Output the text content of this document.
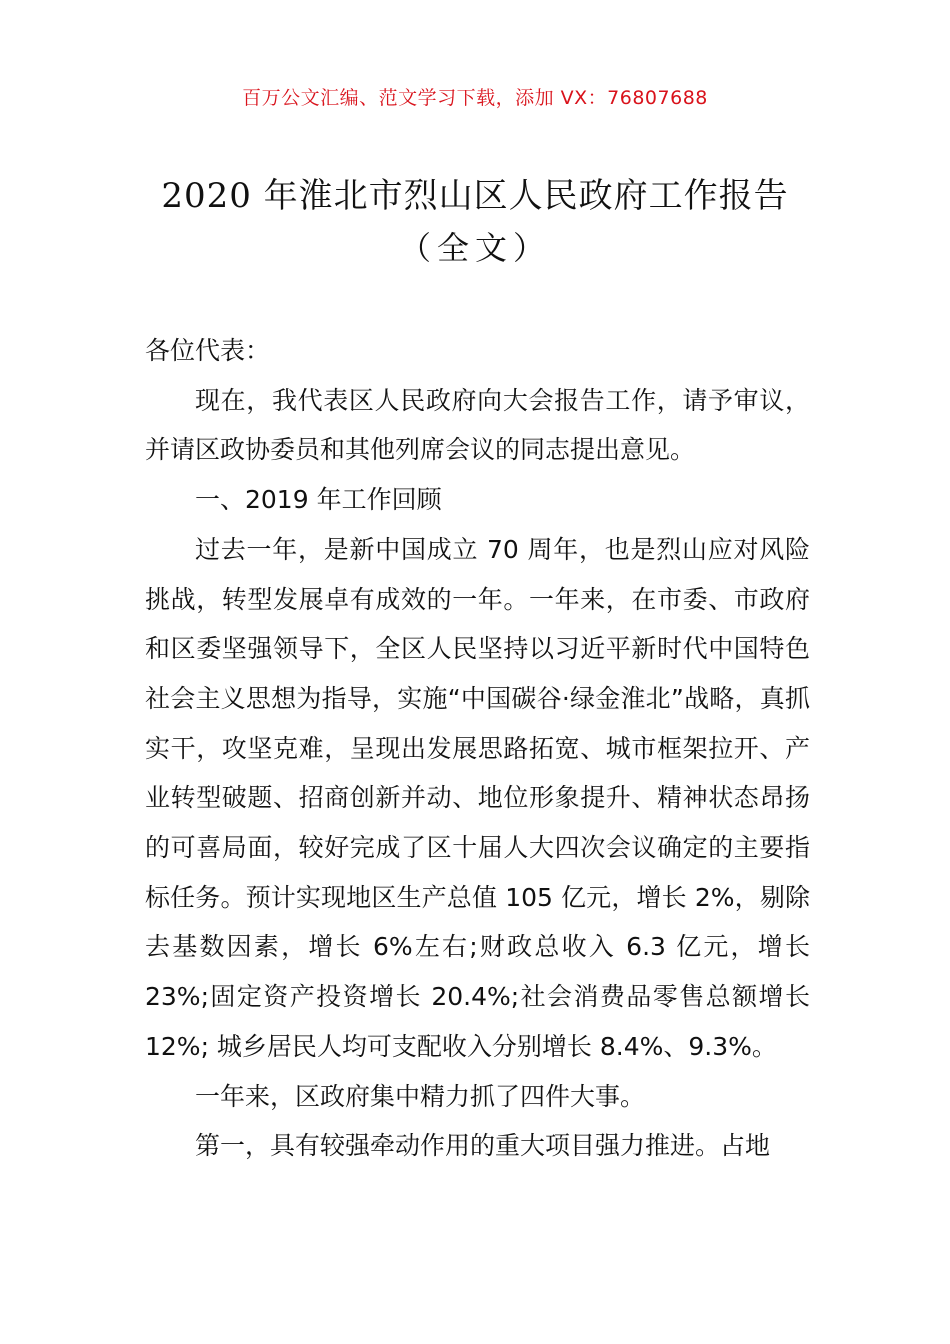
百万公文汇编、范文学习下载，添加 VX：76807688
2020 年淮北市烈山区人民政府工作报告
（全文）

各位代表：

现在，我代表区人民政府向大会报告工作，请予审议，并请区政协委员和其他列席会议的同志提出意见。

一、2019 年工作回顾

过去一年，是新中国成立 70 周年，也是烈山应对风险挑战，转型发展卓有成效的一年。一年来，在市委、市政府和区委坚强领导下，全区人民坚持以习近平新时代中国特色社会主义思想为指导，实施“中国碳谷·绿金淮北”战略，真抓实干，攻坚克难，呈现出发展思路拓宽、城市框架拉开、产业转型破题、招商创新并动、地位形象提升、精神状态昂扬的可喜局面，较好完成了区十届人大四次会议确定的主要指标任务。预计实现地区生产总值 105 亿元，增长 2%，剔除去基数因素，增长 6%左右;财政总收入 6.3 亿元，增长 23%;固定资产投资增长 20.4%;社会消费品零售总额增长 12%; 城乡居民人均可支配收入分别增长 8.4%、9.3%。

一年来，区政府集中精力抓了四件大事。

第一，具有较强牵动作用的重大项目强力推进。占地
